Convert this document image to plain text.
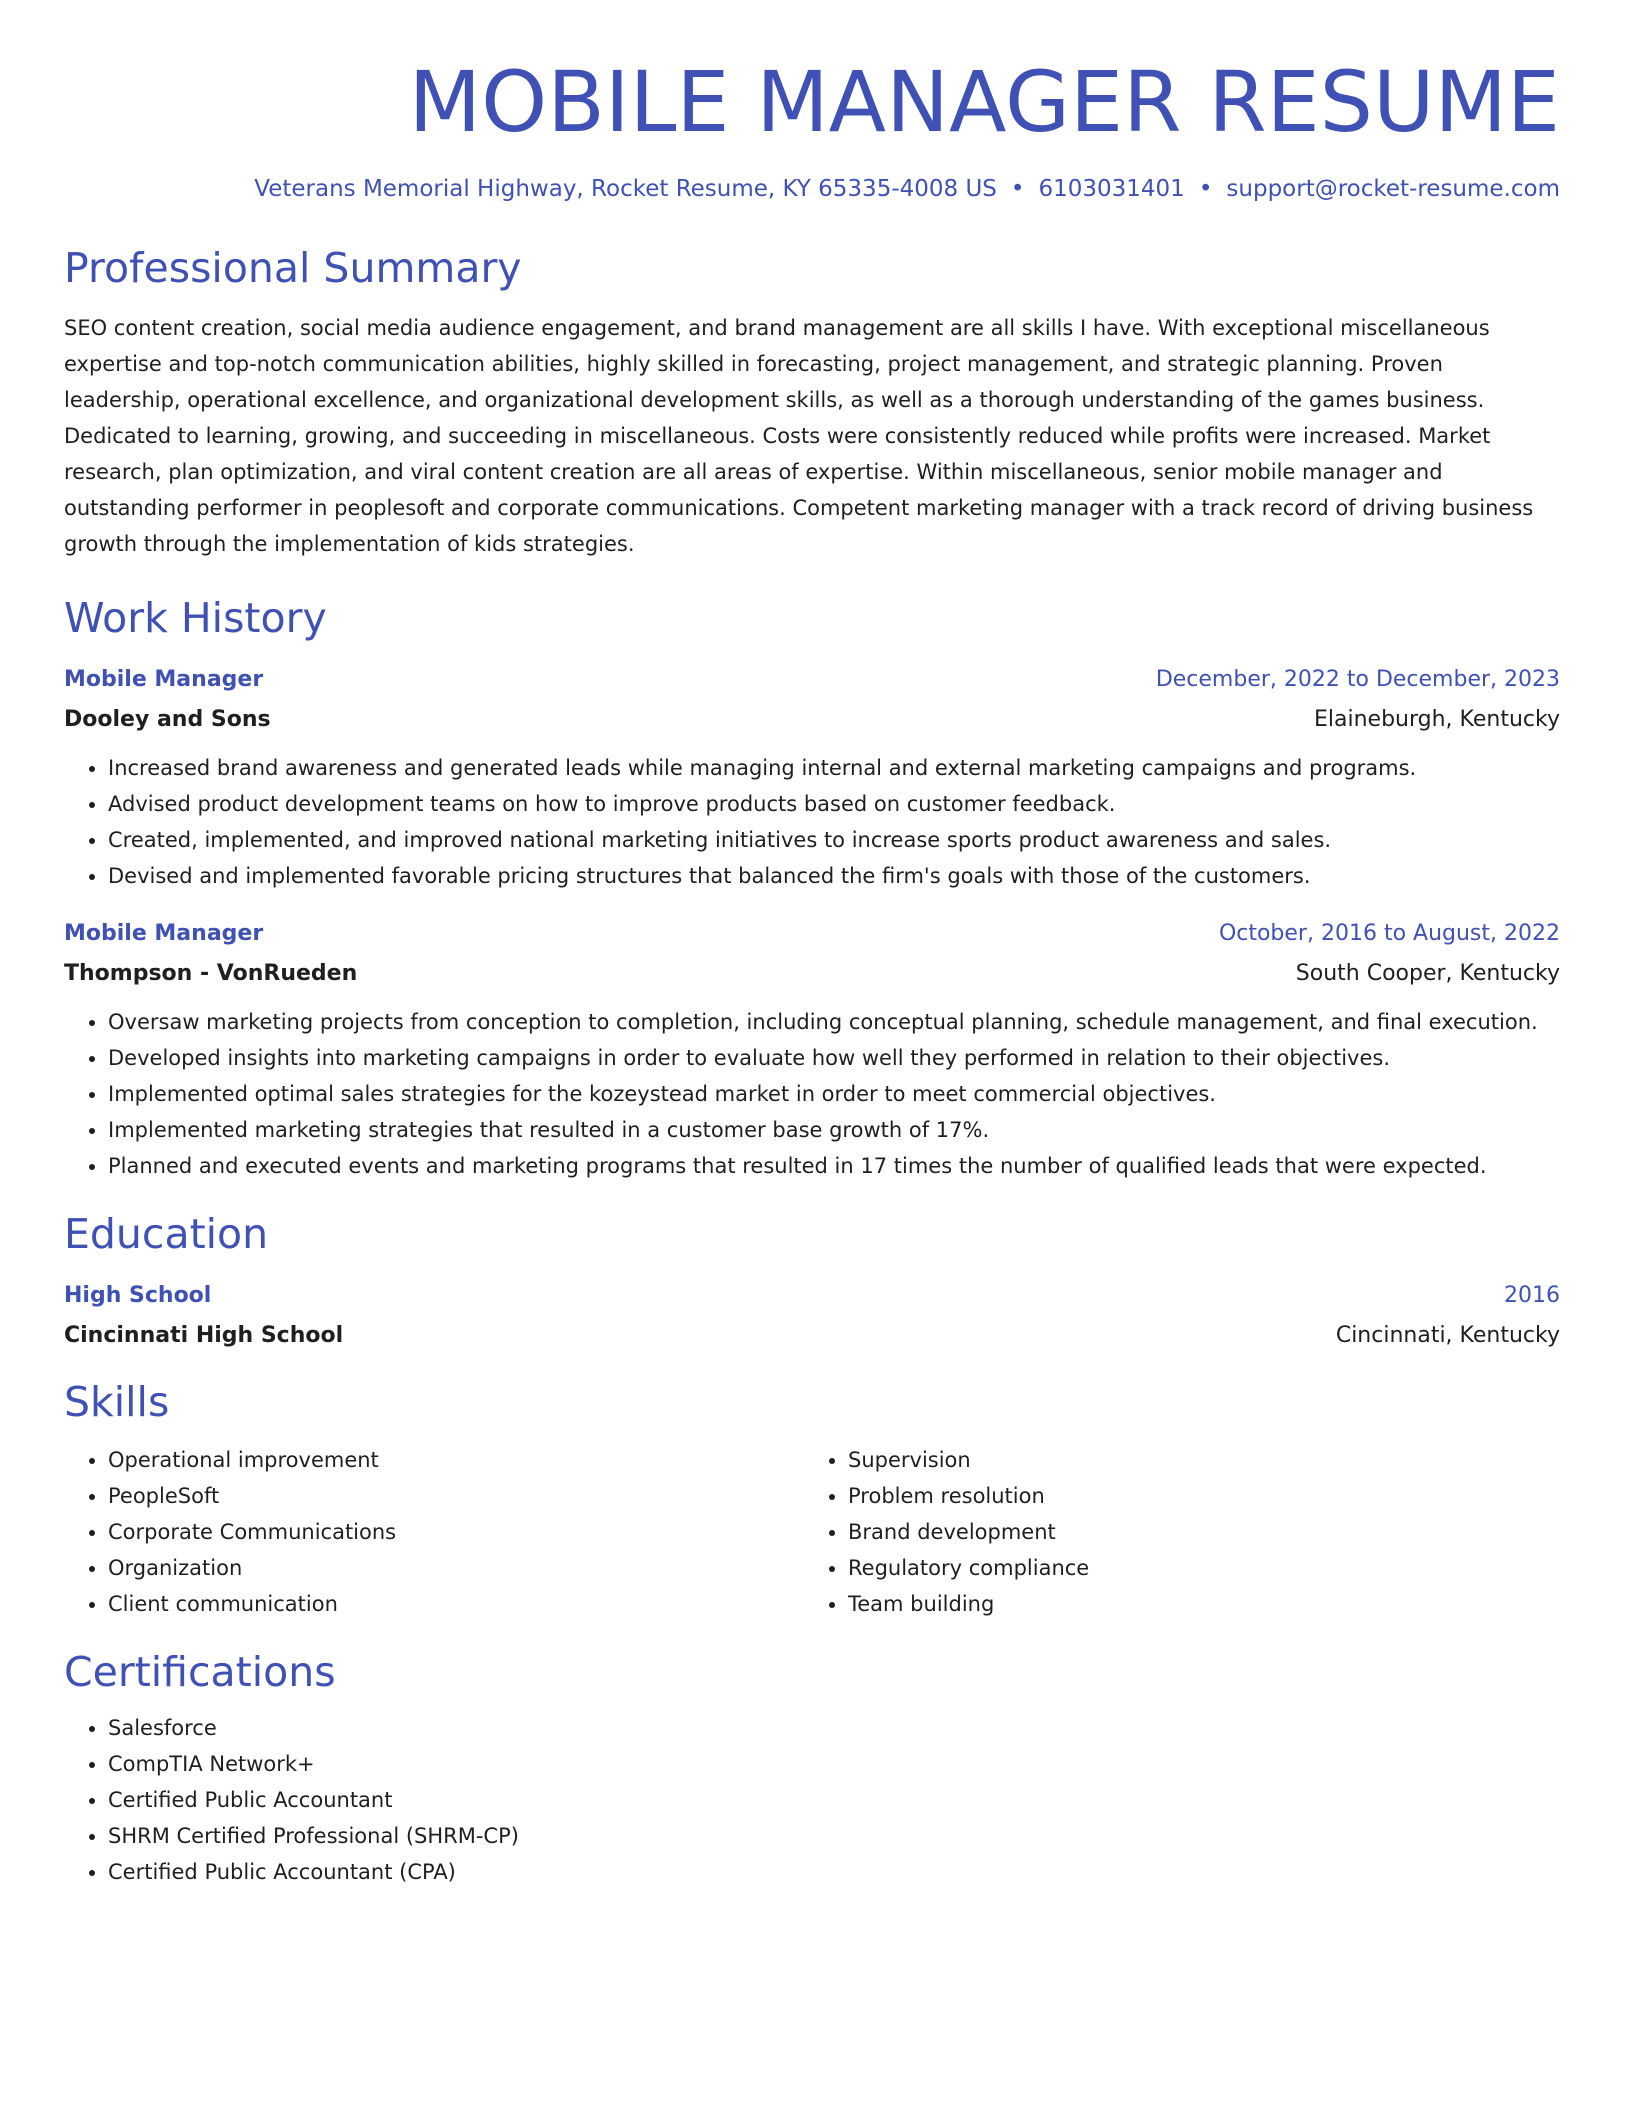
MOBILE MANAGER RESUME
Veterans Memorial Highway, Rocket Resume, KY 65335-4008 US • 6103031401 • support@rocket-resume.com
Professional Summary

SEO content creation, social media audience engagement, and brand management are all skills I have. With exceptional miscellaneous expertise and top-notch communication abilities, highly skilled in forecasting, project management, and strategic planning. Proven leadership, operational excellence, and organizational development skills, as well as a thorough understanding of the games business. Dedicated to learning, growing, and succeeding in miscellaneous. Costs were consistently reduced while profits were increased. Market research, plan optimization, and viral content creation are all areas of expertise. Within miscellaneous, senior mobile manager and outstanding performer in peoplesoft and corporate communications. Competent marketing manager with a track record of driving business growth through the implementation of kids strategies.

Work History
Mobile Manager	December, 2022 to December, 2023
Dooley and Sons	Elaineburgh, Kentucky
• Increased brand awareness and generated leads while managing internal and external marketing campaigns and programs.
• Advised product development teams on how to improve products based on customer feedback.
• Created, implemented, and improved national marketing initiatives to increase sports product awareness and sales.
• Devised and implemented favorable pricing structures that balanced the firm's goals with those of the customers.
Mobile Manager	October, 2016 to August, 2022
Thompson - VonRueden	South Cooper, Kentucky
• Oversaw marketing projects from conception to completion, including conceptual planning, schedule management, and final execution.
• Developed insights into marketing campaigns in order to evaluate how well they performed in relation to their objectives.
• Implemented optimal sales strategies for the kozeystead market in order to meet commercial objectives.
• Implemented marketing strategies that resulted in a customer base growth of 17%.
• Planned and executed events and marketing programs that resulted in 17 times the number of qualified leads that were expected.
Education
High School	2016
Cincinnati High School	Cincinnati, Kentucky
Skills
• Operational improvement
• PeopleSoft
• Corporate Communications
• Organization
• Client communication
• Supervision
• Problem resolution
• Brand development
• Regulatory compliance
• Team building
Certifications
• Salesforce
• CompTIA Network+
• Certified Public Accountant
• SHRM Certified Professional (SHRM-CP)
• Certified Public Accountant (CPA)
